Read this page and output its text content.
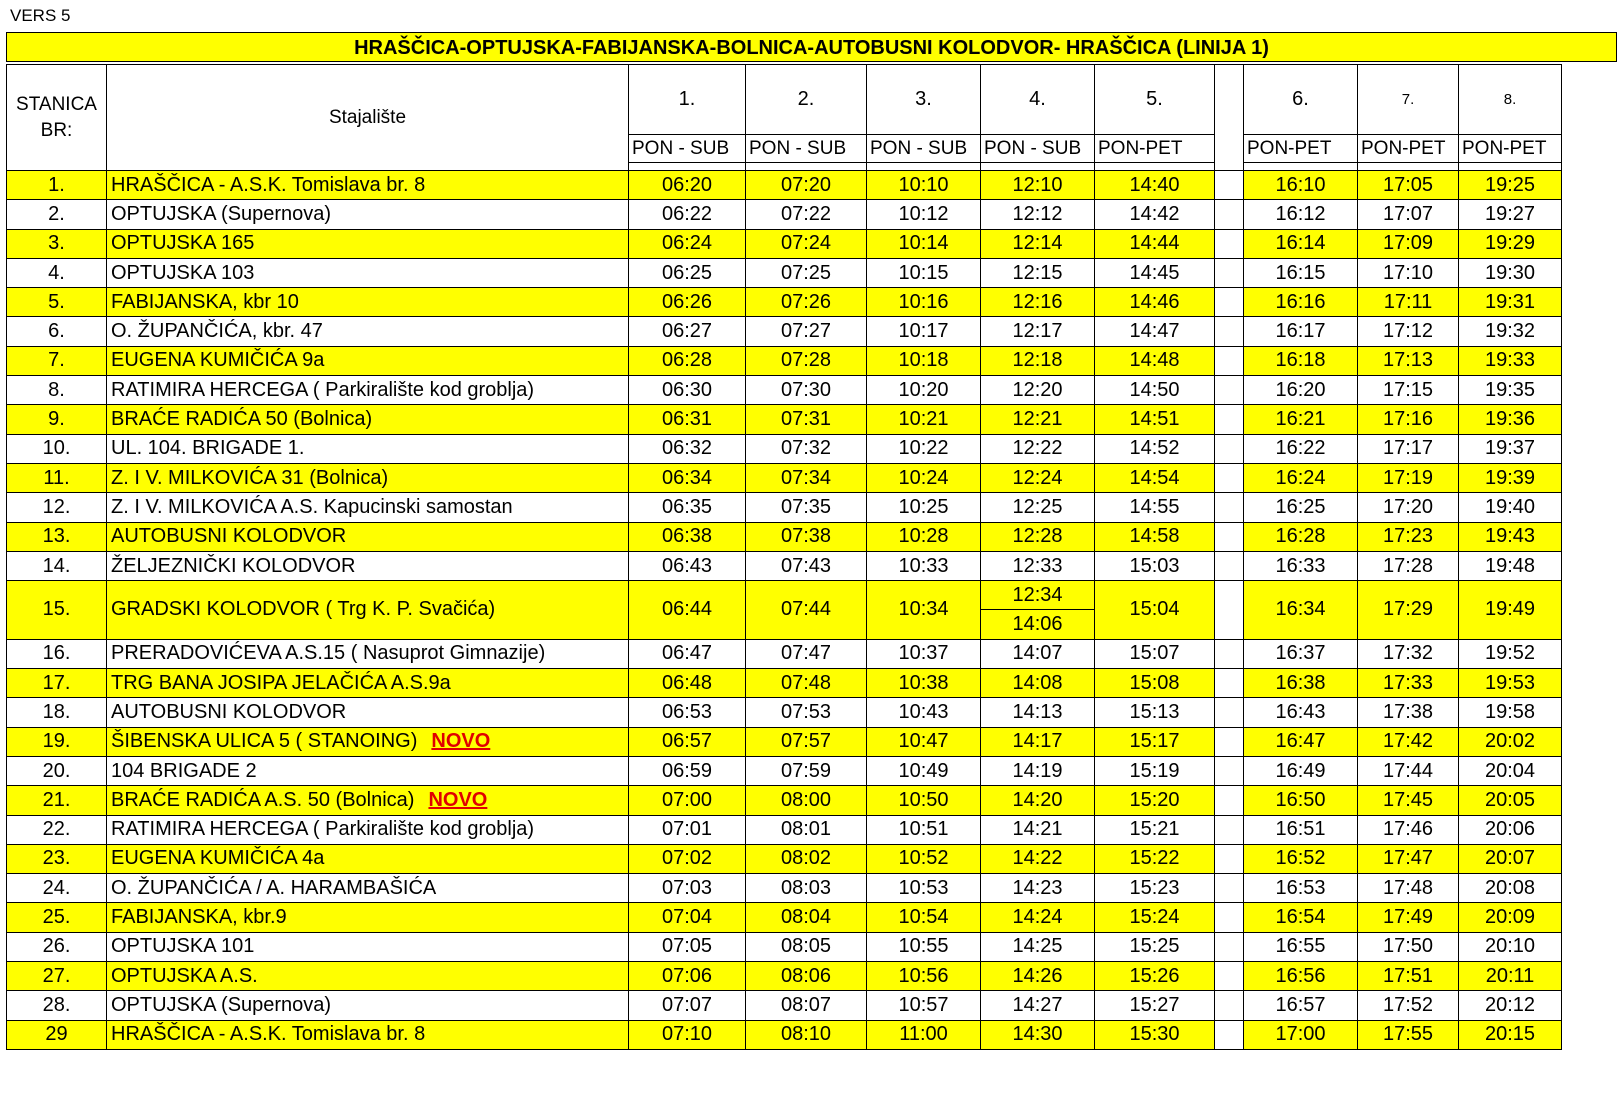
VERS 5
HRAŠČICA-OPTUJSKA-FABIJANSKA-BOLNICA-AUTOBUSNI KOLODVOR- HRAŠČICA (LINIJA 1)
STANICA
BR:	Stajalište	1.	2.	3.	4.	5.		6.	7.	8.
		PON - SUB	PON - SUB	PON - SUB	PON - SUB	PON-PET		PON-PET	PON-PET	PON-PET

1.	HRAŠČICA - A.S.K. Tomislava br. 8	06:20	07:20	10:10	12:10	14:40		16:10	17:05	19:25
2.	OPTUJSKA (Supernova)	06:22	07:22	10:12	12:12	14:42		16:12	17:07	19:27
3.	OPTUJSKA 165	06:24	07:24	10:14	12:14	14:44		16:14	17:09	19:29
4.	OPTUJSKA 103	06:25	07:25	10:15	12:15	14:45		16:15	17:10	19:30
5.	FABIJANSKA, kbr 10	06:26	07:26	10:16	12:16	14:46		16:16	17:11	19:31
6.	O. ŽUPANČIĆA, kbr. 47	06:27	07:27	10:17	12:17	14:47		16:17	17:12	19:32
7.	EUGENA KUMIČIĆA 9a	06:28	07:28	10:18	12:18	14:48		16:18	17:13	19:33
8.	RATIMIRA HERCEGA ( Parkiralište kod groblja)	06:30	07:30	10:20	12:20	14:50		16:20	17:15	19:35
9.	BRAĆE RADIĆA 50 (Bolnica)	06:31	07:31	10:21	12:21	14:51		16:21	17:16	19:36
10.	UL. 104. BRIGADE 1.	06:32	07:32	10:22	12:22	14:52		16:22	17:17	19:37
11.	Z. I V. MILKOVIĆA 31 (Bolnica)	06:34	07:34	10:24	12:24	14:54		16:24	17:19	19:39
12.	Z. I V. MILKOVIĆA A.S. Kapucinski samostan	06:35	07:35	10:25	12:25	14:55		16:25	17:20	19:40
13.	AUTOBUSNI KOLODVOR	06:38	07:38	10:28	12:28	14:58		16:28	17:23	19:43
14.	ŽELJEZNIČKI KOLODVOR	06:43	07:43	10:33	12:33	15:03		16:33	17:28	19:48
15.	GRADSKI KOLODVOR ( Trg K. P. Svačića)	06:44	07:44	10:34	12:34	15:04		16:34	17:29	19:49
					14:06					
16.	PRERADOVIĆEVA A.S.15 ( Nasuprot Gimnazije)	06:47	07:47	10:37	14:07	15:07		16:37	17:32	19:52
17.	TRG BANA JOSIPA JELAČIĆA A.S.9a	06:48	07:48	10:38	14:08	15:08		16:38	17:33	19:53
18.	AUTOBUSNI KOLODVOR	06:53	07:53	10:43	14:13	15:13		16:43	17:38	19:58
19.	ŠIBENSKA ULICA 5 ( STANOING) NOVO	06:57	07:57	10:47	14:17	15:17		16:47	17:42	20:02
20.	104 BRIGADE 2	06:59	07:59	10:49	14:19	15:19		16:49	17:44	20:04
21.	BRAĆE RADIĆA A.S. 50 (Bolnica) NOVO	07:00	08:00	10:50	14:20	15:20		16:50	17:45	20:05
22.	RATIMIRA HERCEGA ( Parkiralište kod groblja)	07:01	08:01	10:51	14:21	15:21		16:51	17:46	20:06
23.	EUGENA KUMIČIĆA 4a	07:02	08:02	10:52	14:22	15:22		16:52	17:47	20:07
24.	O. ŽUPANČIĆA / A. HARAMBAŠIĆA	07:03	08:03	10:53	14:23	15:23		16:53	17:48	20:08
25.	FABIJANSKA, kbr.9	07:04	08:04	10:54	14:24	15:24		16:54	17:49	20:09
26.	OPTUJSKA 101	07:05	08:05	10:55	14:25	15:25		16:55	17:50	20:10
27.	OPTUJSKA A.S.	07:06	08:06	10:56	14:26	15:26		16:56	17:51	20:11
28.	OPTUJSKA (Supernova)	07:07	08:07	10:57	14:27	15:27		16:57	17:52	20:12
29	HRAŠČICA - A.S.K. Tomislava br. 8	07:10	08:10	11:00	14:30	15:30		17:00	17:55	20:15
